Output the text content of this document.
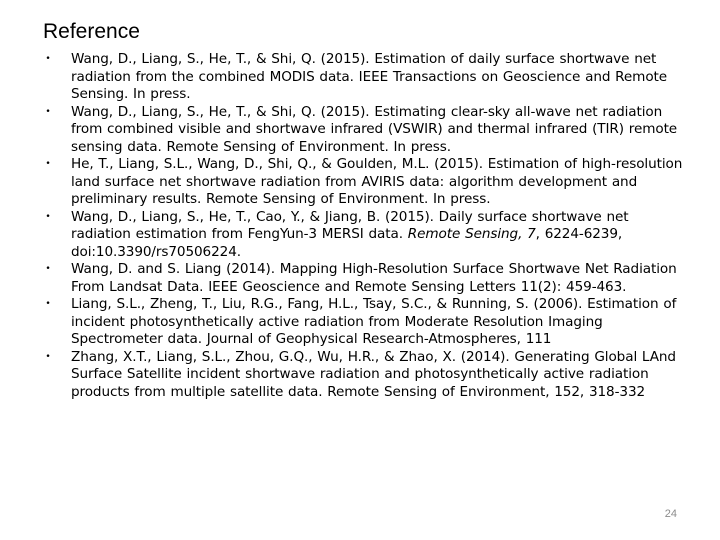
Reference
• Wang, D., Liang, S., He, T., & Shi, Q. (2015). Estimation of daily surface shortwave net radiation from the combined MODIS data. IEEE Transactions on Geoscience and Remote Sensing. In press.
• Wang, D., Liang, S., He, T., & Shi, Q. (2015). Estimating clear-sky all-wave net radiation from combined visible and shortwave infrared (VSWIR) and thermal infrared (TIR) remote sensing data. Remote Sensing of Environment. In press.
• He, T., Liang, S.L., Wang, D., Shi, Q., & Goulden, M.L. (2015). Estimation of high-resolution land surface net shortwave radiation from AVIRIS data: algorithm development and preliminary results. Remote Sensing of Environment. In press.
• Wang, D., Liang, S., He, T., Cao, Y., & Jiang, B. (2015). Daily surface shortwave net radiation estimation from FengYun-3 MERSI data. Remote Sensing, 7, 6224-6239, doi:10.3390/rs70506224.
• Wang, D. and S. Liang (2014). Mapping High-Resolution Surface Shortwave Net Radiation From Landsat Data. IEEE Geoscience and Remote Sensing Letters 11(2): 459-463.
• Liang, S.L., Zheng, T., Liu, R.G., Fang, H.L., Tsay, S.C., & Running, S. (2006). Estimation of incident photosynthetically active radiation from Moderate Resolution Imaging Spectrometer data. Journal of Geophysical Research-Atmospheres, 111
• Zhang, X.T., Liang, S.L., Zhou, G.Q., Wu, H.R., & Zhao, X. (2014). Generating Global LAnd Surface Satellite incident shortwave radiation and photosynthetically active radiation products from multiple satellite data. Remote Sensing of Environment, 152, 318-332
24
